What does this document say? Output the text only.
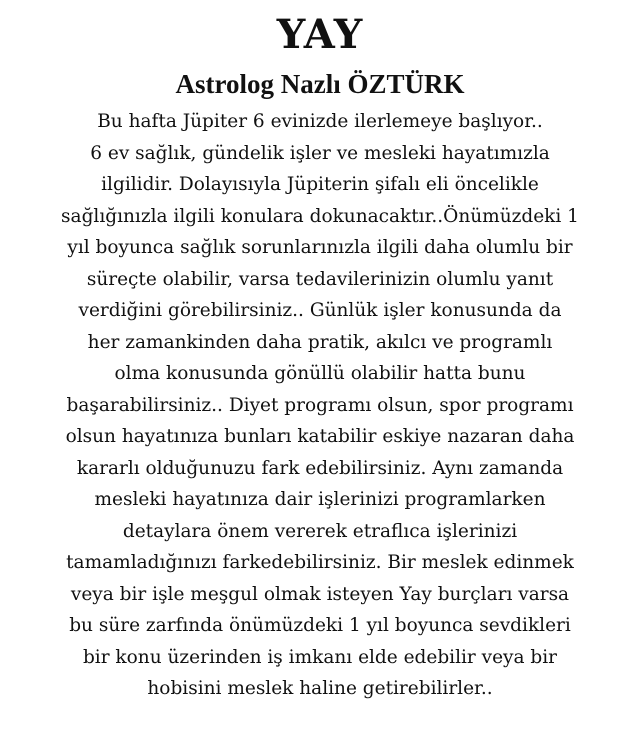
YAY
Astrolog Nazlı ÖZTÜRK
Bu hafta Jüpiter 6 evinizde ilerlemeye başlıyor..
6 ev sağlık, gündelik işler ve mesleki hayatımızla
ilgilidir. Dolayısıyla Jüpiterin şifalı eli öncelikle
sağlığınızla ilgili konulara dokunacaktır..Önümüzdeki 1
yıl boyunca sağlık sorunlarınızla ilgili daha olumlu bir
süreçte olabilir, varsa tedavilerinizin olumlu yanıt
verdiğini görebilirsiniz.. Günlük işler konusunda da
her zamankinden daha pratik, akılcı ve programlı
olma konusunda gönüllü olabilir hatta bunu
başarabilirsiniz.. Diyet programı olsun, spor programı
olsun hayatınıza bunları katabilir eskiye nazaran daha
kararlı olduğunuzu fark edebilirsiniz. Aynı zamanda
mesleki hayatınıza dair işlerinizi programlarken
detaylara önem vererek etraflıca işlerinizi
tamamladığınızı farkedebilirsiniz. Bir meslek edinmek
veya bir işle meşgul olmak isteyen Yay burçları varsa
bu süre zarfında önümüzdeki 1 yıl boyunca sevdikleri
bir konu üzerinden iş imkanı elde edebilir veya bir
hobisini meslek haline getirebilirler..
